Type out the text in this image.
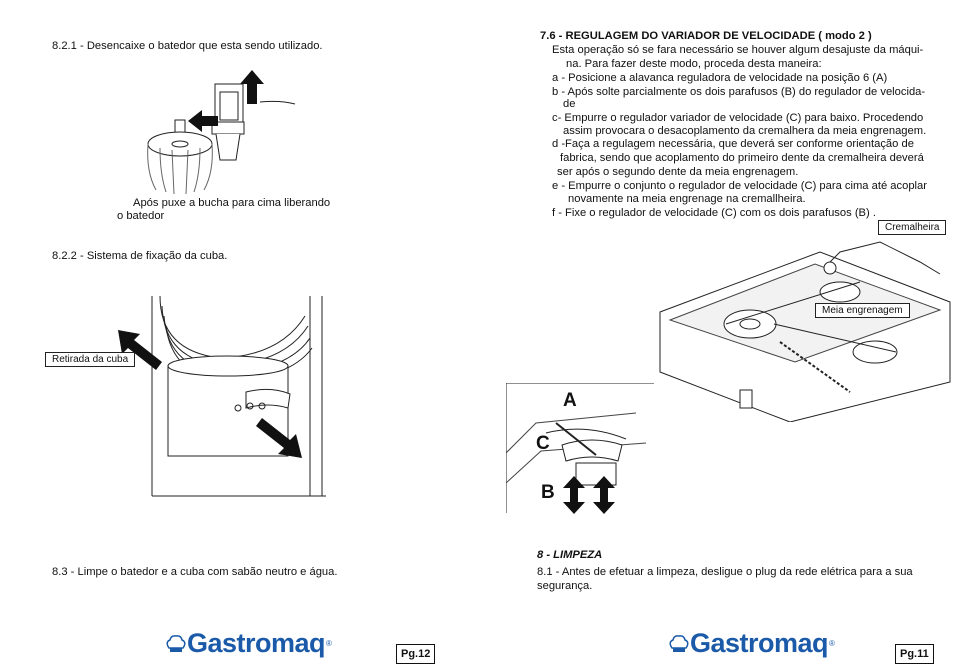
8.2.1 - Desencaixe o batedor que esta sendo utilizado.
Após puxe a bucha para cima liberando
o batedor
8.2.2 - Sistema de fixação da cuba.
Retirada da cuba
8.3 - Limpe o batedor e a cuba com sabão neutro e água.
7.6 - REGULAGEM DO VARIADOR DE VELOCIDADE ( modo 2 )
Esta operação só se fara necessário se houver algum desajuste da máqui-
na. Para fazer deste modo, proceda desta maneira:
a - Posicione a alavanca reguladora de velocidade na posição 6 (A)
b - Após solte parcialmente os dois parafusos (B) do regulador de velocida-
de
c- Empurre o regulador variador de velocidade (C) para baixo. Procedendo
assim provocara o desacoplamento da cremalhera da meia engrenagem.
d -Faça a regulagem necessária, que deverá ser conforme orientação de
fabrica, sendo que acoplamento do primeiro dente da cremalheira deverá
ser após o segundo dente da meia engrenagem.
e - Empurre o conjunto o regulador de velocidade (C) para cima até acoplar
novamente na meia engrenage na cremallheira.
f - Fixe o regulador de velocidade (C) com os dois parafusos (B) .
Cremalheira
Meia engrenagem
A
C
B
8 - LIMPEZA
8.1 - Antes de efetuar a limpeza, desligue o plug da rede elétrica para a sua
segurança.
Gastromaq ®
Pg.12	Gastromaq ®
Pg.11
